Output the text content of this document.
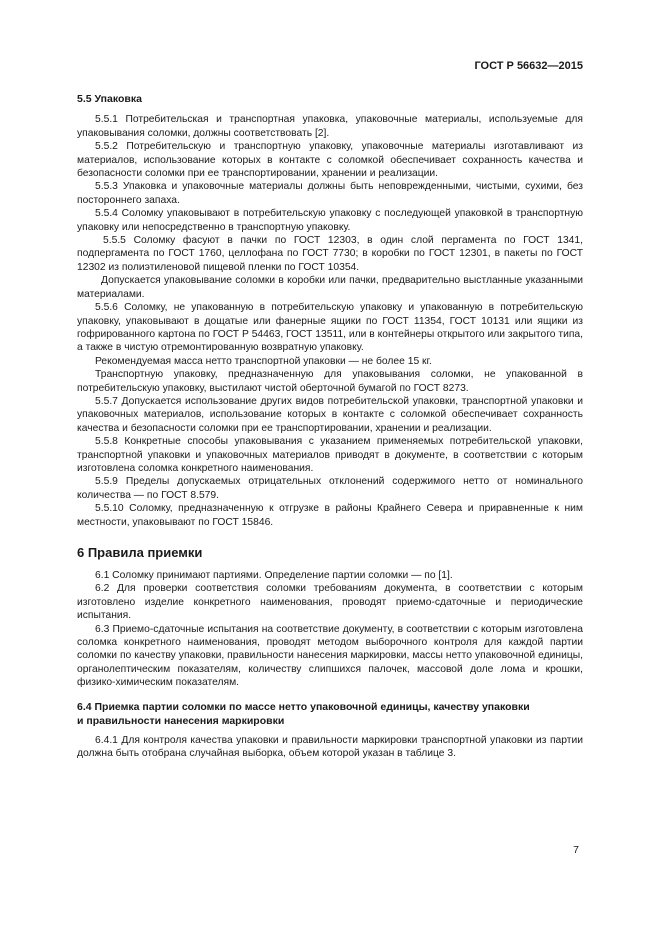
ГОСТ Р 56632—2015

5.5 Упаковка

5.5.1 Потребительская и транспортная упаковка, упаковочные материалы, используемые для упаковывания соломки, должны соответствовать [2].

5.5.2 Потребительскую и транспортную упаковку, упаковочные материалы изготавливают из материалов, использование которых в контакте с соломкой обеспечивает сохранность качества и безопасности соломки при ее транспортировании, хранении и реализации.

5.5.3 Упаковка и упаковочные материалы должны быть неповрежденными, чистыми, сухими, без постороннего запаха.

5.5.4 Соломку упаковывают в потребительскую упаковку с последующей упаковкой в транспортную упаковку или непосредственно в транспортную упаковку.

5.5.5 Соломку фасуют в пачки по ГОСТ 12303, в один слой пергамента по ГОСТ 1341, подпергамента по ГОСТ 1760, целлофана по ГОСТ 7730; в коробки по ГОСТ 12301, в пакеты по ГОСТ 12302 из полиэтиленовой пищевой пленки по ГОСТ 10354.

Допускается упаковывание соломки в коробки или пачки, предварительно выстланные указанными материалами.

5.5.6 Соломку, не упакованную в потребительскую упаковку и упакованную в потребительскую упаковку, упаковывают в дощатые или фанерные ящики по ГОСТ 11354, ГОСТ 10131 или ящики из гофрированного картона по ГОСТ Р 54463, ГОСТ 13511, или в контейнеры открытого или закрытого типа, а также в чистую отремонтированную возвратную упаковку.

Рекомендуемая масса нетто транспортной упаковки — не более 15 кг.

Транспортную упаковку, предназначенную для упаковывания соломки, не упакованной в потребительскую упаковку, выстилают чистой оберточной бумагой по ГОСТ 8273.

5.5.7 Допускается использование других видов потребительской упаковки, транспортной упаковки и упаковочных материалов, использование которых в контакте с соломкой обеспечивает сохранность качества и безопасности соломки при ее транспортировании, хранении и реализации.

5.5.8 Конкретные способы упаковывания с указанием применяемых потребительской упаковки, транспортной упаковки и упаковочных материалов приводят в документе, в соответствии с которым изготовлена соломка конкретного наименования.

5.5.9 Пределы допускаемых отрицательных отклонений содержимого нетто от номинального количества — по ГОСТ 8.579.

5.5.10 Соломку, предназначенную к отгрузке в районы Крайнего Севера и приравненные к ним местности, упаковывают по ГОСТ 15846.

6 Правила приемки

6.1 Соломку принимают партиями. Определение партии соломки — по [1].

6.2 Для проверки соответствия соломки требованиям документа, в соответствии с которым изготовлено изделие конкретного наименования, проводят приемо-сдаточные и периодические испытания.

6.3 Приемо-сдаточные испытания на соответствие документу, в соответствии с которым изготовлена соломка конкретного наименования, проводят методом выборочного контроля для каждой партии соломки по качеству упаковки, правильности нанесения маркировки, массы нетто упаковочной единицы, органолептическим показателям, количеству слипшихся палочек, массовой доле лома и крошки, физико-химическим показателям.

6.4 Приемка партии соломки по массе нетто упаковочной единицы, качеству упаковки
и правильности нанесения маркировки

6.4.1 Для контроля качества упаковки и правильности маркировки транспортной упаковки из партии должна быть отобрана случайная выборка, объем которой указан в таблице 3.

7
